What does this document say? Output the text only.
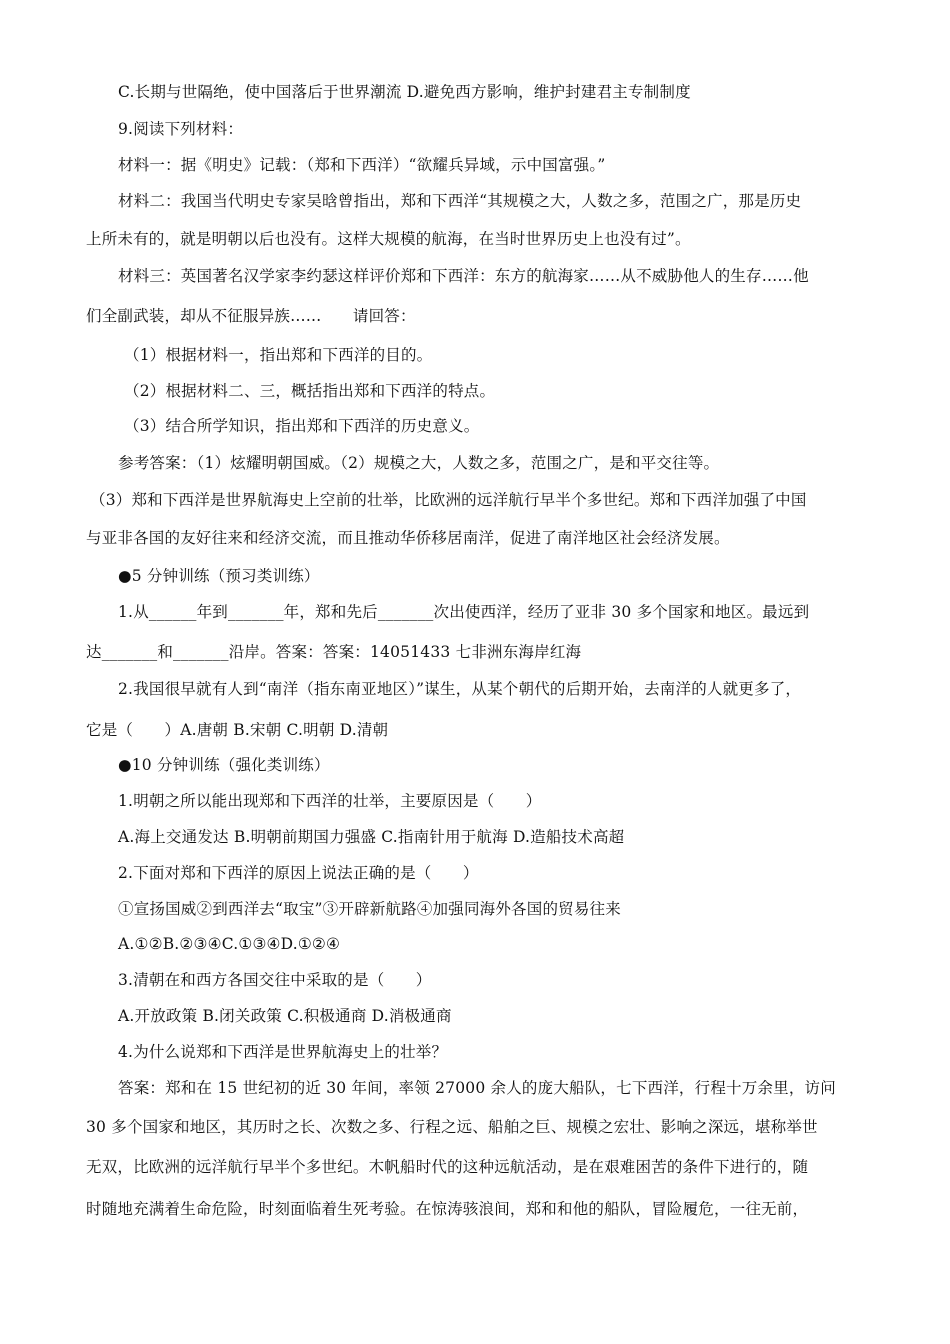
C.长期与世隔绝，使中国落后于世界潮流 D.避免西方影响，维护封建君主专制制度
9.阅读下列材料：
材料一：据《明史》记载：（郑和下西洋）“欲耀兵异域，示中国富强。”
材料二：我国当代明史专家吴晗曾指出，郑和下西洋“其规模之大，人数之多，范围之广，那是历史
上所未有的，就是明朝以后也没有。这样大规模的航海，在当时世界历史上也没有过”。
材料三：英国著名汉学家李约瑟这样评价郑和下西洋：东方的航海家……从不威胁他人的生存……他
们全副武装，却从不征服异族……　　请回答：
（1）根据材料一，指出郑和下西洋的目的。
（2）根据材料二、三，概括指出郑和下西洋的特点。
（3）结合所学知识，指出郑和下西洋的历史意义。
参考答案：（1）炫耀明朝国威。（2）规模之大，人数之多，范围之广，是和平交往等。
（3）郑和下西洋是世界航海史上空前的壮举，比欧洲的远洋航行早半个多世纪。郑和下西洋加强了中国
与亚非各国的友好往来和经济交流，而且推动华侨移居南洋，促进了南洋地区社会经济发展。
●5 分钟训练（预习类训练）
1.从______年到_______年，郑和先后_______次出使西洋，经历了亚非 30 多个国家和地区。最远到
达_______和_______沿岸。答案：答案：14051433 七非洲东海岸红海
2.我国很早就有人到“南洋（指东南亚地区）”谋生，从某个朝代的后期开始，去南洋的人就更多了，
它是（　　）A.唐朝 B.宋朝 C.明朝 D.清朝
●10 分钟训练（强化类训练）
1.明朝之所以能出现郑和下西洋的壮举，主要原因是（　　）
A.海上交通发达 B.明朝前期国力强盛 C.指南针用于航海 D.造船技术高超
2.下面对郑和下西洋的原因上说法正确的是（　　）
①宣扬国威②到西洋去“取宝”③开辟新航路④加强同海外各国的贸易往来
A.①②B.②③④C.①③④D.①②④
3.清朝在和西方各国交往中采取的是（　　）
A.开放政策 B.闭关政策 C.积极通商 D.消极通商
4.为什么说郑和下西洋是世界航海史上的壮举？
答案：郑和在 15 世纪初的近 30 年间，率领 27000 余人的庞大船队，七下西洋，行程十万余里，访问
30 多个国家和地区，其历时之长、次数之多、行程之远、船舶之巨、规模之宏壮、影响之深远，堪称举世
无双，比欧洲的远洋航行早半个多世纪。木帆船时代的这种远航活动，是在艰难困苦的条件下进行的，随
时随地充满着生命危险，时刻面临着生死考验。在惊涛骇浪间，郑和和他的船队，冒险履危，一往无前，
